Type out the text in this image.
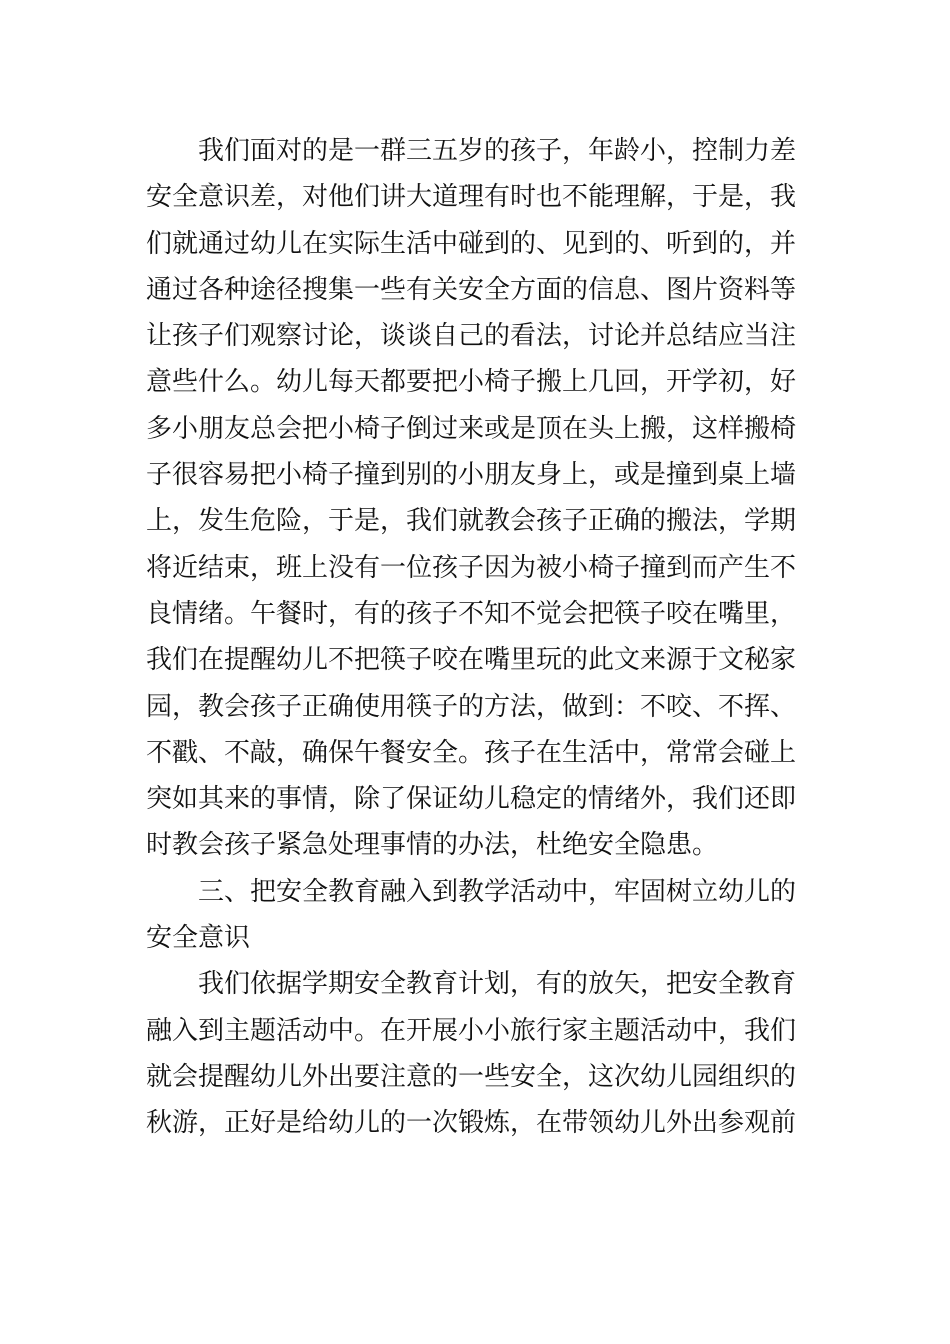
我们面对的是一群三五岁的孩子，年龄小，控制力差
安全意识差，对他们讲大道理有时也不能理解，于是，我
们就通过幼儿在实际生活中碰到的、见到的、听到的，并
通过各种途径搜集一些有关安全方面的信息、图片资料等
让孩子们观察讨论，谈谈自己的看法，讨论并总结应当注
意些什么。幼儿每天都要把小椅子搬上几回，开学初，好
多小朋友总会把小椅子倒过来或是顶在头上搬，这样搬椅
子很容易把小椅子撞到别的小朋友身上，或是撞到桌上墙
上，发生危险，于是，我们就教会孩子正确的搬法，学期
将近结束，班上没有一位孩子因为被小椅子撞到而产生不
良情绪。午餐时，有的孩子不知不觉会把筷子咬在嘴里，
我们在提醒幼儿不把筷子咬在嘴里玩的此文来源于文秘家
园，教会孩子正确使用筷子的方法，做到：不咬、不挥、
不戳、不敲，确保午餐安全。孩子在生活中，常常会碰上
突如其来的事情，除了保证幼儿稳定的情绪外，我们还即
时教会孩子紧急处理事情的办法，杜绝安全隐患。
三、把安全教育融入到教学活动中，牢固树立幼儿的
安全意识
我们依据学期安全教育计划，有的放矢，把安全教育
融入到主题活动中。在开展小小旅行家主题活动中，我们
就会提醒幼儿外出要注意的一些安全，这次幼儿园组织的
秋游，正好是给幼儿的一次锻炼，在带领幼儿外出参观前
